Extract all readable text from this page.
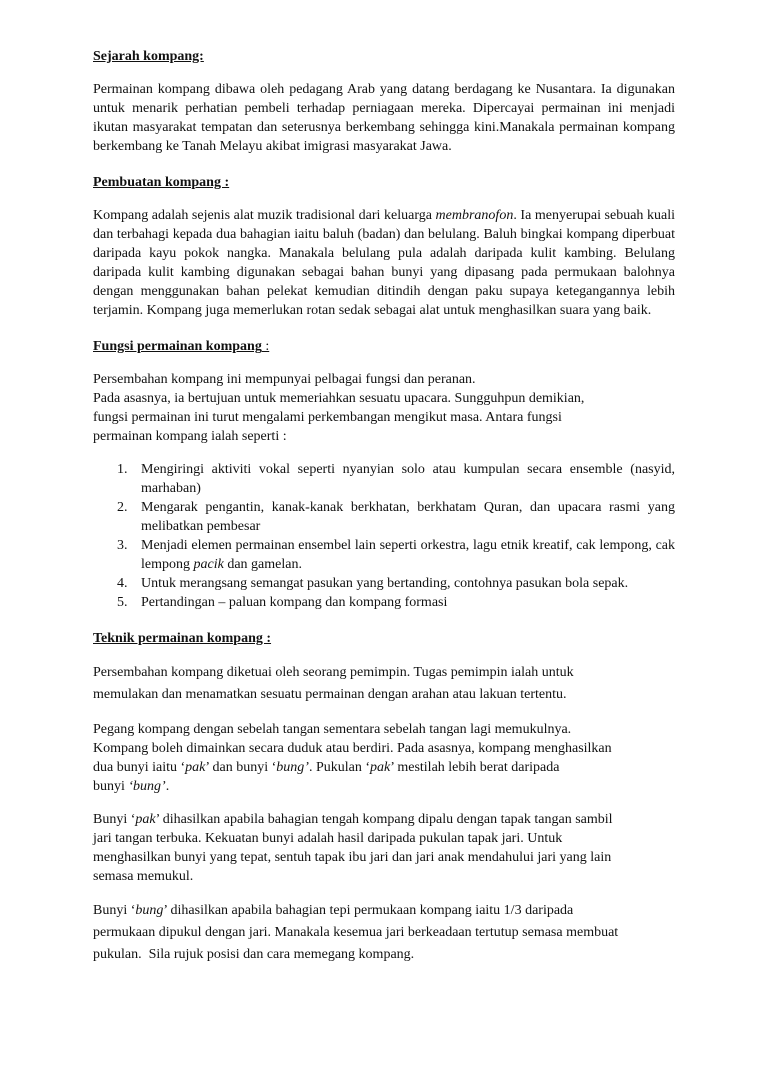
Sejarah kompang:

Permainan kompang dibawa oleh pedagang Arab yang datang berdagang ke Nusantara. Ia digunakan untuk menarik perhatian pembeli terhadap perniagaan mereka. Dipercayai permainan ini menjadi ikutan masyarakat tempatan dan seterusnya berkembang sehingga kini.Manakala permainan kompang berkembang ke Tanah Melayu akibat imigrasi masyarakat Jawa.

Pembuatan kompang :

Kompang adalah sejenis alat muzik tradisional dari keluarga membranofon. Ia menyerupai sebuah kuali dan terbahagi kepada dua bahagian iaitu baluh (badan) dan belulang. Baluh bingkai kompang diperbuat daripada kayu pokok nangka. Manakala belulang pula adalah daripada kulit kambing. Belulang daripada kulit kambing digunakan sebagai bahan bunyi yang dipasang pada permukaan balohnya dengan menggunakan bahan pelekat kemudian ditindih dengan paku supaya ketegangannya lebih terjamin. Kompang juga memerlukan rotan sedak sebagai alat untuk menghasilkan suara yang baik.

Fungsi permainan kompang :

Persembahan kompang ini mempunyai pelbagai fungsi dan peranan.

Pada asasnya, ia bertujuan untuk memeriahkan sesuatu upacara. Sungguhpun demikian,

fungsi permainan ini turut mengalami perkembangan mengikut masa. Antara fungsi

permainan kompang ialah seperti :

1. Mengiringi aktiviti vokal seperti nyanyian solo atau kumpulan secara ensemble (nasyid, marhaban)
2. Mengarak pengantin, kanak-kanak berkhatan, berkhatam Quran, dan upacara rasmi yang melibatkan pembesar
3. Menjadi elemen permainan ensembel lain seperti orkestra, lagu etnik kreatif, cak lempong, cak lempong pacik dan gamelan.
4. Untuk merangsang semangat pasukan yang bertanding, contohnya pasukan bola sepak.
5. Pertandingan – paluan kompang dan kompang formasi

Teknik permainan kompang :

Persembahan kompang diketuai oleh seorang pemimpin. Tugas pemimpin ialah untuk

memulakan dan menamatkan sesuatu permainan dengan arahan atau lakuan tertentu.

Pegang kompang dengan sebelah tangan sementara sebelah tangan lagi memukulnya.

Kompang boleh dimainkan secara duduk atau berdiri. Pada asasnya, kompang menghasilkan

dua bunyi iaitu ‘pak’ dan bunyi ‘bung’. Pukulan ‘pak’ mestilah lebih berat daripada

bunyi ‘bung’.

Bunyi ‘pak’ dihasilkan apabila bahagian tengah kompang dipalu dengan tapak tangan sambil

jari tangan terbuka. Kekuatan bunyi adalah hasil daripada pukulan tapak jari. Untuk

menghasilkan bunyi yang tepat, sentuh tapak ibu jari dan jari anak mendahului jari yang lain

semasa memukul.

Bunyi ‘bung’ dihasilkan apabila bahagian tepi permukaan kompang iaitu 1/3 daripada

permukaan dipukul dengan jari. Manakala kesemua jari berkeadaan tertutup semasa membuat

pukulan.  Sila rujuk posisi dan cara memegang kompang.
